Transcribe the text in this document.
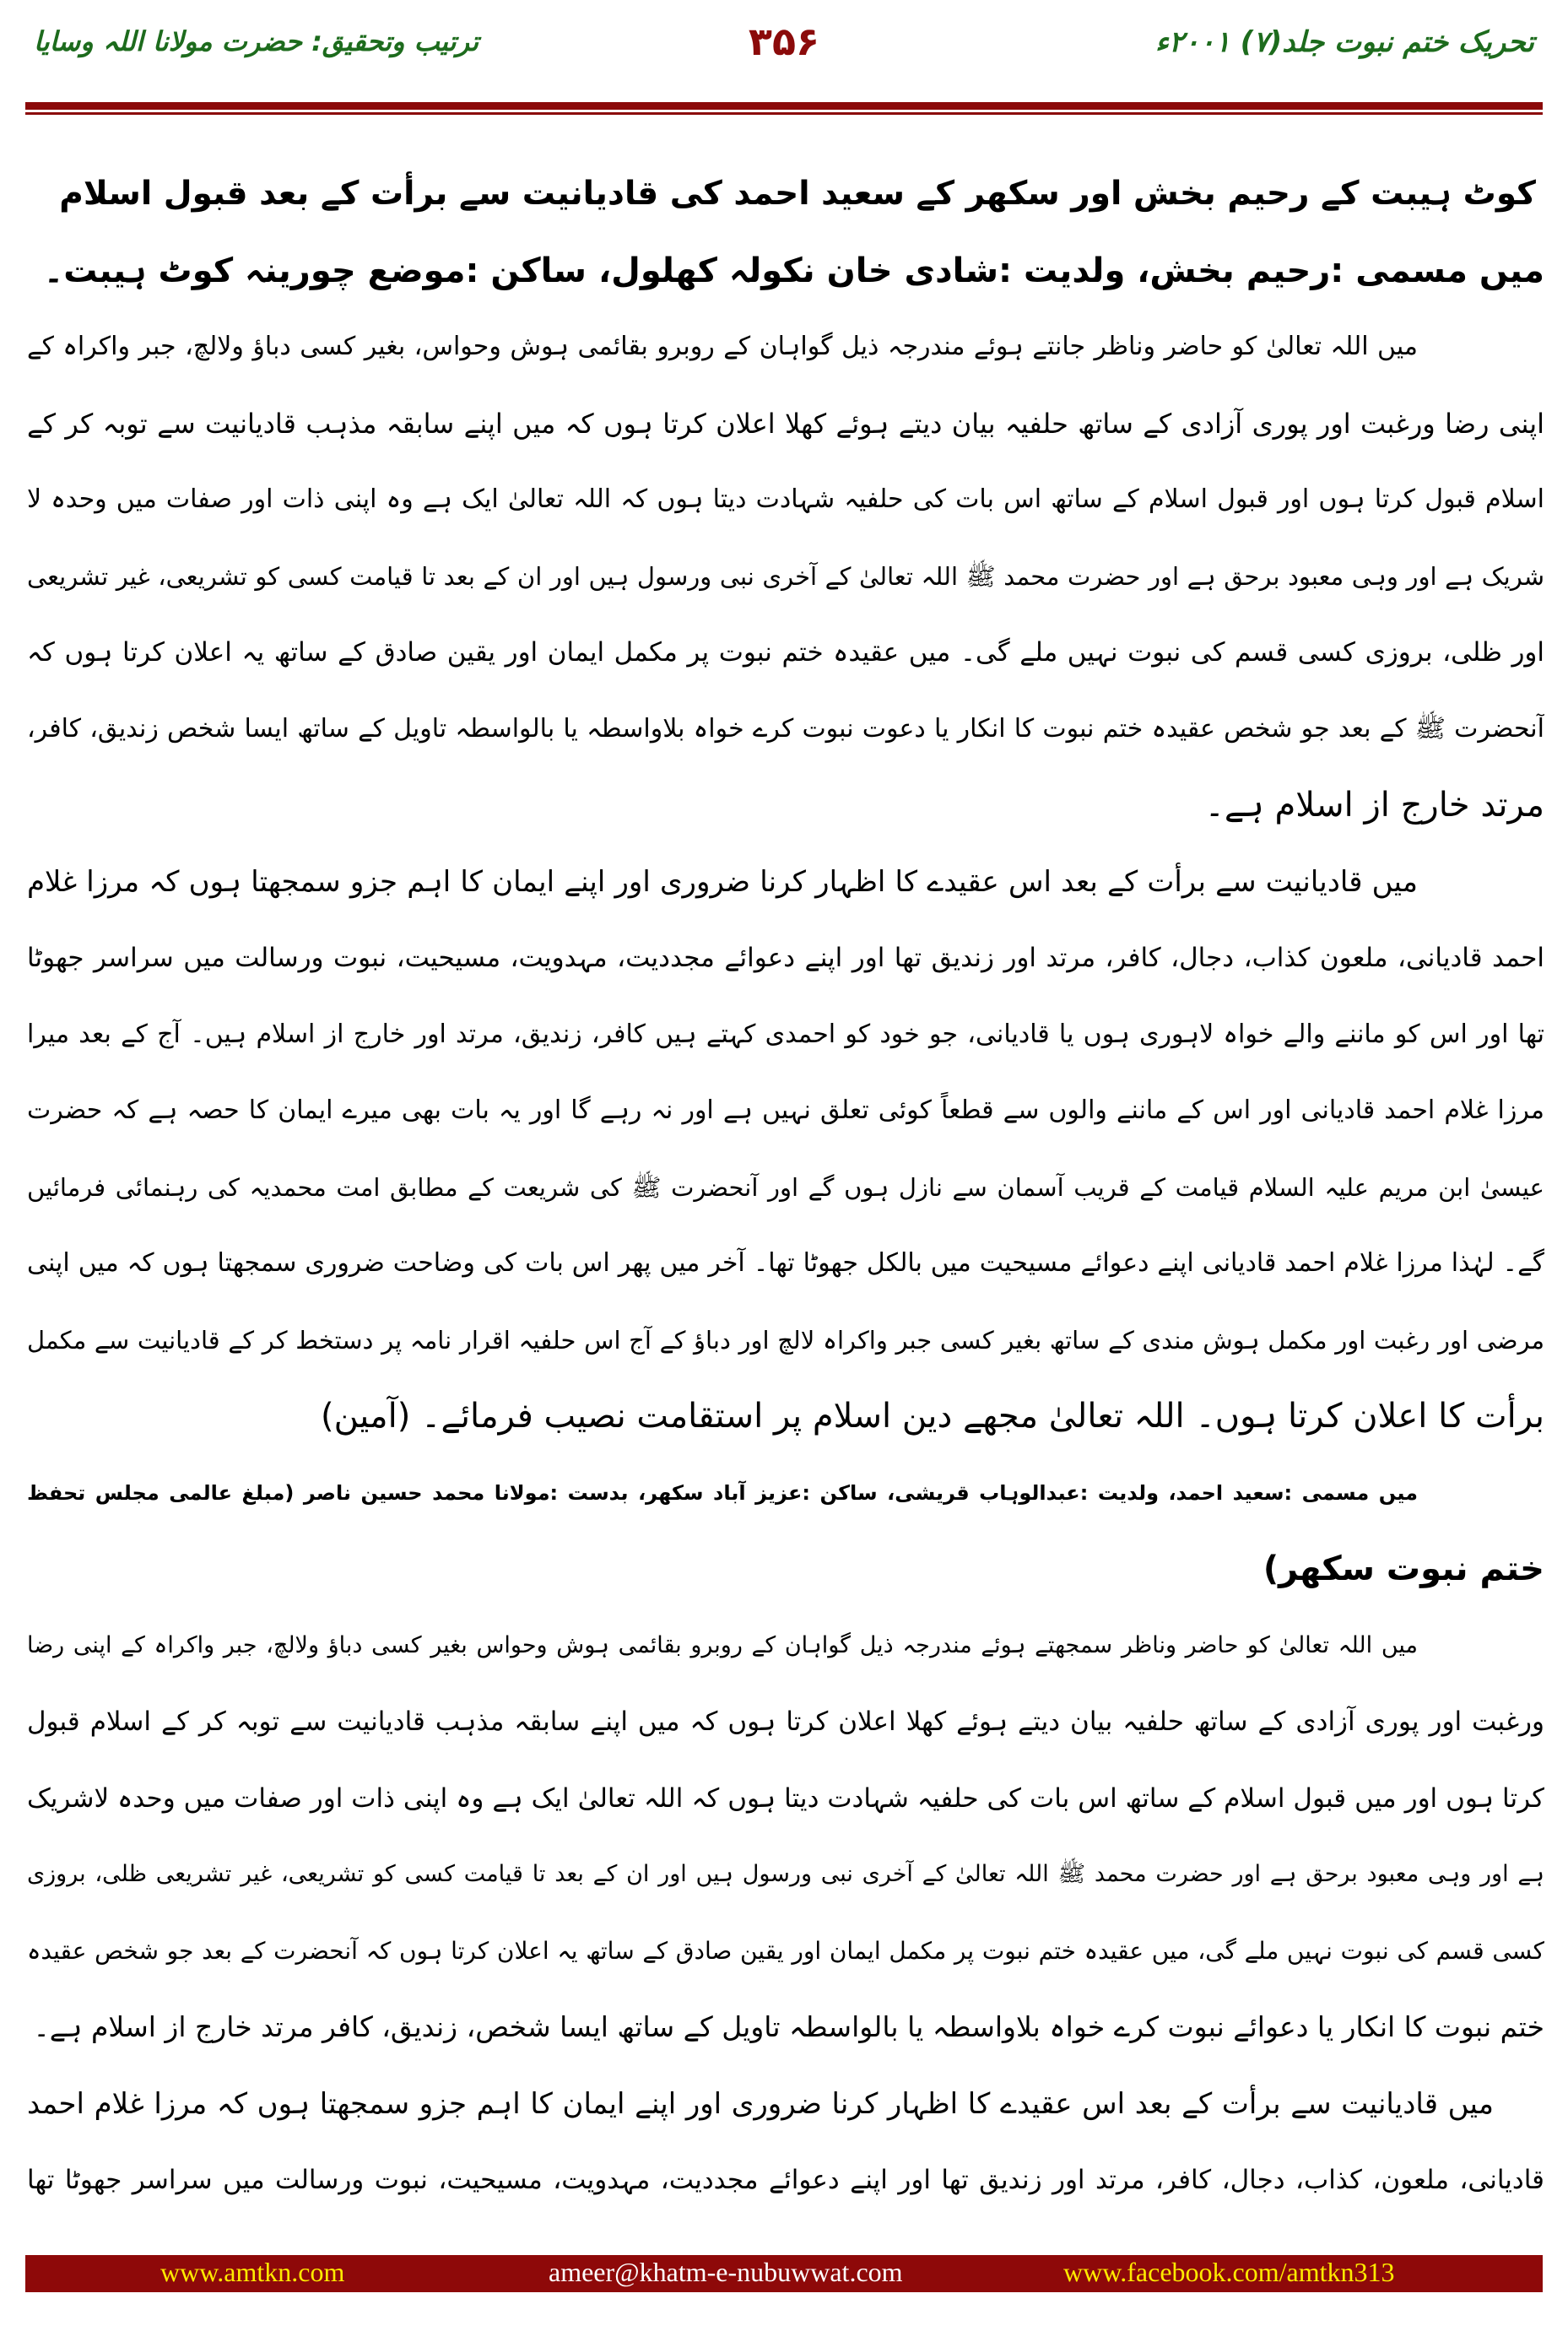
تحریک ختم نبوت جلد(۷) ۲۰۰۱ء
۳۵۶
ترتیب وتحقیق: حضرت مولانا اللہ وسایا
کوٹ ہیبت کے رحیم بخش اور سکھر کے سعید احمد کی قادیانیت سے برأت کے بعد قبول اسلام
میں مسمی :رحیم بخش، ولدیت :شادی خان نکولہ کھلول، ساکن :موضع چورینہ کوٹ ہیبت۔
میں اللہ تعالیٰ کو حاضر وناظر جانتے ہوئے مندرجہ ذیل گواہان کے روبرو بقائمی ہوش وحواس، بغیر کسی دباؤ ولالچ، جبر واکراہ کے
اپنی رضا ورغبت اور پوری آزادی کے ساتھ حلفیہ بیان دیتے ہوئے کھلا اعلان کرتا ہوں کہ میں اپنے سابقہ مذہب قادیانیت سے توبہ کر کے
اسلام قبول کرتا ہوں اور قبول اسلام کے ساتھ اس بات کی حلفیہ شہادت دیتا ہوں کہ اللہ تعالیٰ ایک ہے وہ اپنی ذات اور صفات میں وحدہ لا
شریک ہے اور وہی معبود برحق ہے اور حضرت محمد ﷺ اللہ تعالیٰ کے آخری نبی ورسول ہیں اور ان کے بعد تا قیامت کسی کو تشریعی، غیر تشریعی
اور ظلی، بروزی کسی قسم کی نبوت نہیں ملے گی۔ میں عقیدہ ختم نبوت پر مکمل ایمان اور یقین صادق کے ساتھ یہ اعلان کرتا ہوں کہ
آنحضرت ﷺ کے بعد جو شخص عقیدہ ختم نبوت کا انکار یا دعوت نبوت کرے خواہ بلاواسطہ یا بالواسطہ تاویل کے ساتھ ایسا شخص زندیق، کافر،
مرتد خارج از اسلام ہے۔
میں قادیانیت سے برأت کے بعد اس عقیدے کا اظہار کرنا ضروری اور اپنے ایمان کا اہم جزو سمجھتا ہوں کہ مرزا غلام
احمد قادیانی، ملعون کذاب، دجال، کافر، مرتد اور زندیق تھا اور اپنے دعوائے مجددیت، مہدویت، مسیحیت، نبوت ورسالت میں سراسر جھوٹا
تھا اور اس کو ماننے والے خواہ لاہوری ہوں یا قادیانی، جو خود کو احمدی کہتے ہیں کافر، زندیق، مرتد اور خارج از اسلام ہیں۔ آج کے بعد میرا
مرزا غلام احمد قادیانی اور اس کے ماننے والوں سے قطعاً کوئی تعلق نہیں ہے اور نہ رہے گا اور یہ بات بھی میرے ایمان کا حصہ ہے کہ حضرت
عیسیٰ ابن مریم علیہ السلام قیامت کے قریب آسمان سے نازل ہوں گے اور آنحضرت ﷺ کی شریعت کے مطابق امت محمدیہ کی رہنمائی فرمائیں
گے۔ لہٰذا مرزا غلام احمد قادیانی اپنے دعوائے مسیحیت میں بالکل جھوٹا تھا۔ آخر میں پھر اس بات کی وضاحت ضروری سمجھتا ہوں کہ میں اپنی
مرضی اور رغبت اور مکمل ہوش مندی کے ساتھ بغیر کسی جبر واکراہ لالچ اور دباؤ کے آج اس حلفیہ اقرار نامہ پر دستخط کر کے قادیانیت سے مکمل
برأت کا اعلان کرتا ہوں۔ اللہ تعالیٰ مجھے دین اسلام پر استقامت نصیب فرمائے۔ (آمین)
میں مسمی :سعید احمد، ولدیت :عبدالوہاب قریشی، ساکن :عزیز آباد سکھر، بدست :مولانا محمد حسین ناصر (مبلغ عالمی مجلس تحفظ
ختم نبوت سکھر)
میں اللہ تعالیٰ کو حاضر وناظر سمجھتے ہوئے مندرجہ ذیل گواہان کے روبرو بقائمی ہوش وحواس بغیر کسی دباؤ ولالچ، جبر واکراہ کے اپنی رضا
ورغبت اور پوری آزادی کے ساتھ حلفیہ بیان دیتے ہوئے کھلا اعلان کرتا ہوں کہ میں اپنے سابقہ مذہب قادیانیت سے توبہ کر کے اسلام قبول
کرتا ہوں اور میں قبول اسلام کے ساتھ اس بات کی حلفیہ شہادت دیتا ہوں کہ اللہ تعالیٰ ایک ہے وہ اپنی ذات اور صفات میں وحدہ لاشریک
ہے اور وہی معبود برحق ہے اور حضرت محمد ﷺ اللہ تعالیٰ کے آخری نبی ورسول ہیں اور ان کے بعد تا قیامت کسی کو تشریعی، غیر تشریعی ظلی، بروزی
کسی قسم کی نبوت نہیں ملے گی، میں عقیدہ ختم نبوت پر مکمل ایمان اور یقین صادق کے ساتھ یہ اعلان کرتا ہوں کہ آنحضرت کے بعد جو شخص عقیدہ
ختم نبوت کا انکار یا دعوائے نبوت کرے خواہ بلاواسطہ یا بالواسطہ تاویل کے ساتھ ایسا شخص، زندیق، کافر مرتد خارج از اسلام ہے۔
میں قادیانیت سے برأت کے بعد اس عقیدے کا اظہار کرنا ضروری اور اپنے ایمان کا اہم جزو سمجھتا ہوں کہ مرزا غلام احمد
قادیانی، ملعون، کذاب، دجال، کافر، مرتد اور زندیق تھا اور اپنے دعوائے مجددیت، مہدویت، مسیحیت، نبوت ورسالت میں سراسر جھوٹا تھا
www.amtkn.com	ameer@khatm-e-nubuwwat.com	www.facebook.com/amtkn313
